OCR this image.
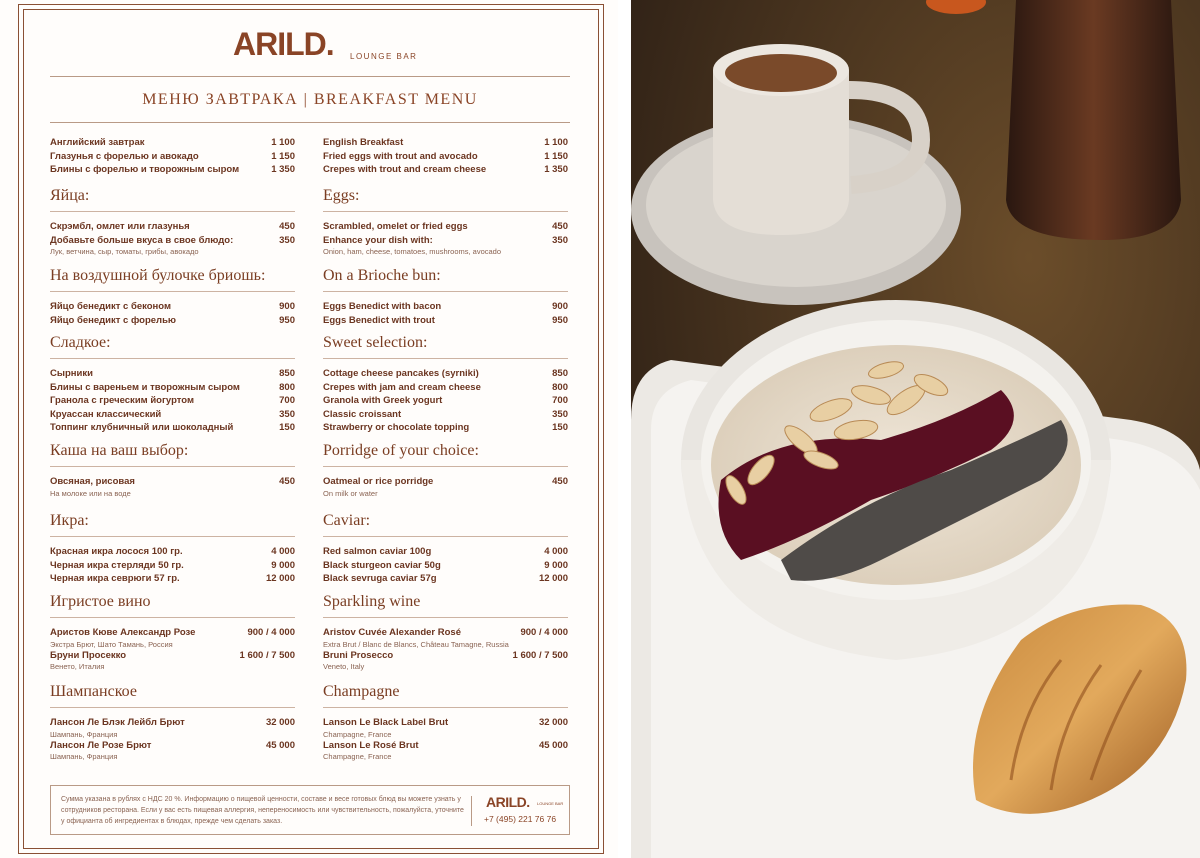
ARILD. LOUNGE BAR
МЕНЮ ЗАВТРАКА | BREAKFAST MENU
Английский завтрак	1 100
Глазунья с форелью и авокадо	1 150
Блины с форелью и творожным сыром	1 350
Яйца:
Скрэмбл, омлет или глазунья	450
Добавьте больше вкуса в свое блюдо:	350
Лук, ветчина, сыр, томаты, грибы, авокадо
На воздушной булочке бриошь:
Яйцо бенедикт с беконом	900
Яйцо бенедикт с форелью	950
Сладкое:
Сырники	850
Блины с вареньем и творожным сыром	800
Гранола с греческим йогуртом	700
Круассан классический	350
Топпинг клубничный или шоколадный	150
Каша на ваш выбор:
Овсяная, рисовая	450
На молоке или на воде
Икра:
Красная икра лосося 100 гр.	4 000
Черная икра стерляди 50 гр.	9 000
Черная икра севрюги 57 гр.	12 000
Игристое вино
Аристов Кюве Александр Розе	900 / 4 000
Экстра Брют, Шато Тамань, Россия
Бруни Просекко	1 600 / 7 500
Венето, Италия
Шампанское
Лансон Ле Блэк Лейбл Брют	32 000
Шампань, Франция
Лансон Ле Розе Брют	45 000
Шампань, Франция
English Breakfast	1 100
Fried eggs with trout and avocado	1 150
Crepes with trout and cream cheese	1 350
Eggs:
Scrambled, omelet or fried eggs	450
Enhance your dish with:	350
Onion, ham, cheese, tomatoes, mushrooms, avocado
On a Brioche bun:
Eggs Benedict with bacon	900
Eggs Benedict with trout	950
Sweet selection:
Cottage cheese pancakes (syrniki)	850
Crepes with jam and cream cheese	800
Granola with Greek yogurt	700
Classic croissant	350
Strawberry or chocolate topping	150
Porridge of your choice:
Oatmeal or rice porridge	450
On milk or water
Caviar:
Red salmon caviar 100g	4 000
Black sturgeon caviar 50g	9 000
Black sevruga caviar 57g	12 000
Sparkling wine
Aristov Cuvée Alexander Rosé	900 / 4 000
Extra Brut / Blanc de Blancs, Château Tamagne, Russia
Bruni Prosecco	1 600 / 7 500
Veneto, Italy
Champagne
Lanson Le Black Label Brut	32 000
Champagne, France
Lanson Le Rosé Brut	45 000
Champagne, France
Сумма указана в рублях с НДС 20 %. Информацию о пищевой ценности, составе и весе готовых блюд вы можете узнать у сотрудников ресторана. Если у вас есть пищевая аллергия, непереносимость или чувствительность, пожалуйста, уточните у официанта об ингредиентах в блюдах, прежде чем сделать заказ.
ARILD. LOUNGE BAR
+7 (495) 221 76 76
